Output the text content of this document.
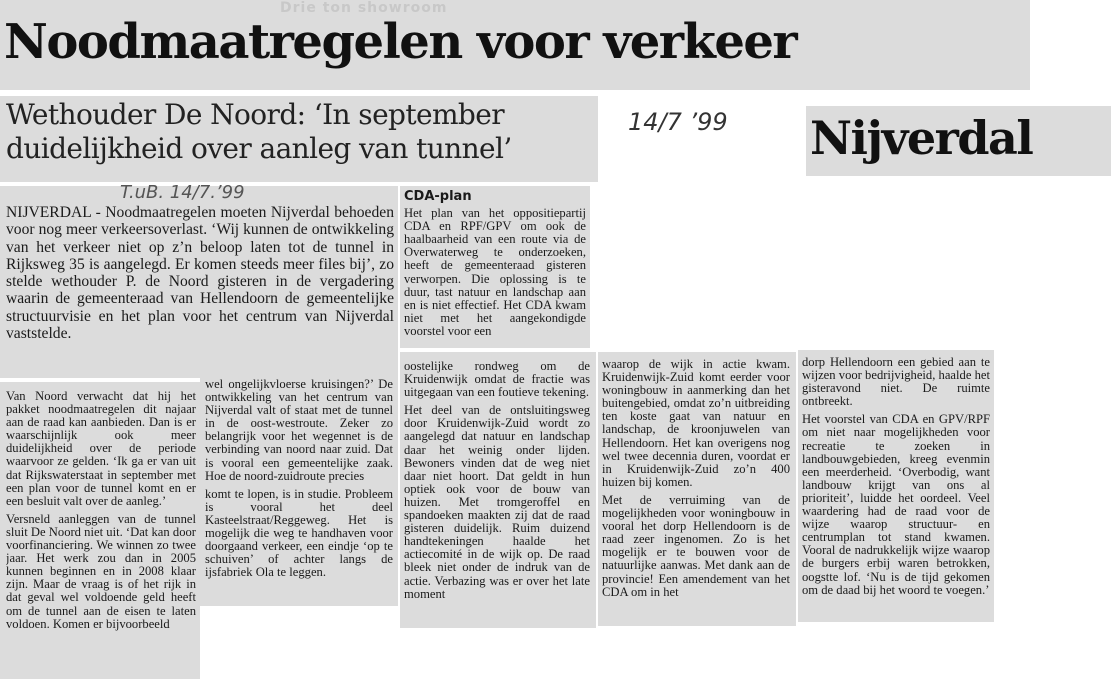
Drie ton showroom
Noodmaatregelen voor verkeer
Wethouder De Noord: ‘In september
duidelijkheid over aanleg van tunnel’
14/7 ’99 Nijverdal
T.uB. 14/7.’99

NIJVERDAL - Noodmaatregelen moeten Nijverdal behoeden voor nog meer verkeersoverlast. ‘Wij kunnen de ontwikkeling van het verkeer niet op z’n beloop laten tot de tunnel in Rijksweg 35 is aangelegd. Er komen steeds meer files bij’, zo stelde wethouder P. de Noord gisteren in de vergadering waarin de gemeenteraad van Hellendoorn de gemeentelijke structuurvisie en het plan voor het centrum van Nijverdal vaststelde.

CDA-plan

Het plan van het oppositiepartij CDA en RPF/GPV om ook de haalbaarheid van een route via de Overwaterweg te onderzoeken, heeft de gemeenteraad gisteren verworpen. Die oplossing is te duur, tast natuur en landschap aan en is niet effectief. Het CDA kwam niet met het aangekondigde voorstel voor een

Van Noord verwacht dat hij het pakket noodmaatregelen dit najaar aan de raad kan aanbieden. Dan is er waarschijnlijk ook meer duidelijkheid over de periode waarvoor ze gelden. ‘Ik ga er van uit dat Rijkswaterstaat in september met een plan voor de tunnel komt en er een besluit valt over de aanleg.’

Versneld aanleggen van de tunnel sluit De Noord niet uit. ‘Dat kan door voorfinanciering. We winnen zo twee jaar. Het werk zou dan in 2005 kunnen beginnen en in 2008 klaar zijn. Maar de vraag is of het rijk in dat geval wel voldoende geld heeft om de tunnel aan de eisen te laten voldoen. Komen er bijvoorbeeld

wel ongelijkvloerse kruisingen?’ De ontwikkeling van het centrum van Nijverdal valt of staat met de tunnel in de oost-westroute. Zeker zo belangrijk voor het wegennet is de verbinding van noord naar zuid. Dat is vooral een gemeentelijke zaak. Hoe de noord-zuidroute precies

komt te lopen, is in studie. Probleem is vooral het deel Kasteelstraat/Reggeweg. Het is mogelijk die weg te handhaven voor doorgaand verkeer, een eindje ‘op te schuiven’ of achter langs de ijsfabriek Ola te leggen.

oostelijke rondweg om de Kruidenwijk omdat de fractie was uitgegaan van een foutieve tekening.

Het deel van de ontsluitingsweg door Kruidenwijk-Zuid wordt zo aangelegd dat natuur en landschap daar het weinig onder lijden. Bewoners vinden dat de weg niet daar niet hoort. Dat geldt in hun optiek ook voor de bouw van huizen. Met tromgeroffel en spandoeken maakten zij dat de raad gisteren duidelijk. Ruim duizend handtekeningen haalde het actiecomité in de wijk op. De raad bleek niet onder de indruk van de actie. Verbazing was er over het late moment

waarop de wijk in actie kwam. Kruidenwijk-Zuid komt eerder voor woningbouw in aanmerking dan het buitengebied, omdat zo’n uitbreiding ten koste gaat van natuur en landschap, de kroonjuwelen van Hellendoorn. Het kan overigens nog wel twee decennia duren, voordat er in Kruidenwijk-Zuid zo’n 400 huizen bij komen.

Met de verruiming van de mogelijkheden voor woningbouw in vooral het dorp Hellendoorn is de raad zeer ingenomen. Zo is het mogelijk er te bouwen voor de natuurlijke aanwas. Met dank aan de provincie! Een amendement van het CDA om in het

dorp Hellendoorn een gebied aan te wijzen voor bedrijvigheid, haalde het gisteravond niet. De ruimte ontbreekt.

Het voorstel van CDA en GPV/RPF om niet naar mogelijkheden voor recreatie te zoeken in landbouwgebieden, kreeg evenmin een meerderheid. ‘Overbodig, want landbouw krijgt van ons al prioriteit’, luidde het oordeel. Veel waardering had de raad voor de wijze waarop structuur- en centrumplan tot stand kwamen. Vooral de nadrukkelijk wijze waarop de burgers erbij waren betrokken, oogstte lof. ‘Nu is de tijd gekomen om de daad bij het woord te voegen.’
